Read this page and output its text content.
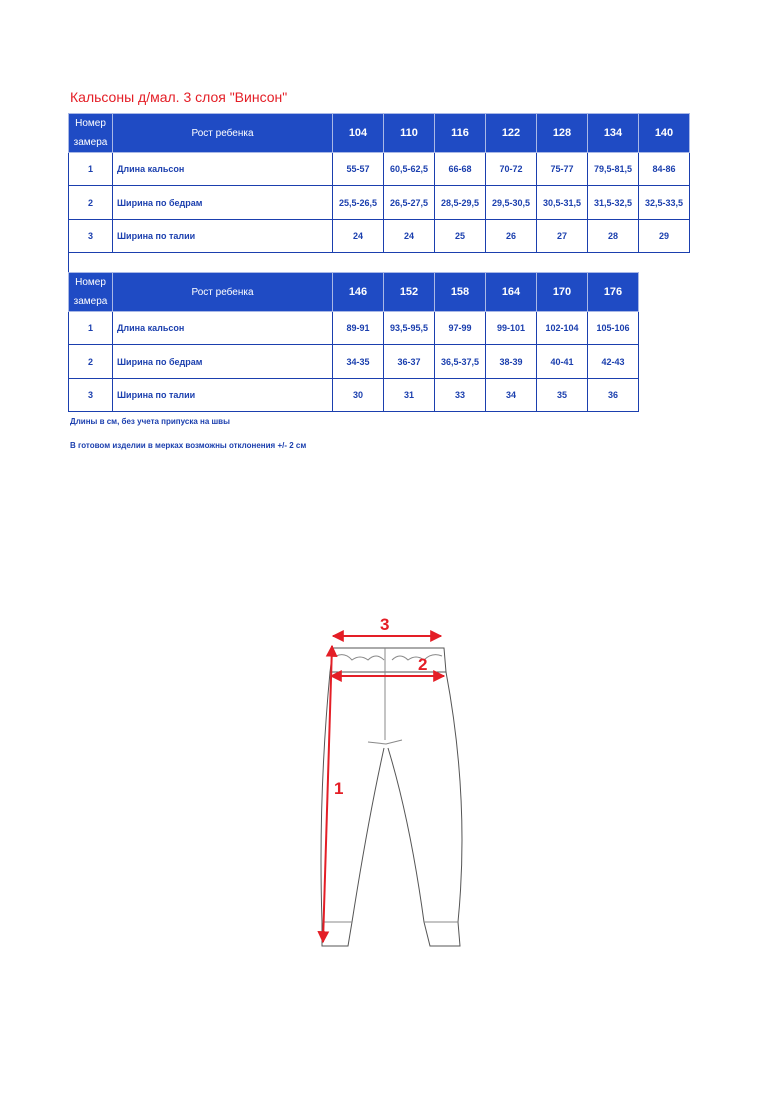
Кальсоны д/мал. 3 слоя "Винсон"
Номер
замера	Рост ребенка	104	110	116	122	128	134	140
1	Длина кальсон	55-57	60,5-62,5	66-68	70-72	75-77	79,5-81,5	84-86
2	Ширина по бедрам	25,5-26,5	26,5-27,5	28,5-29,5	29,5-30,5	30,5-31,5	31,5-32,5	32,5-33,5
3	Ширина по талии	24	24	25	26	27	28	29
Номер
замера	Рост ребенка	146	152	158	164	170	176
1	Длина кальсон	89-91	93,5-95,5	97-99	99-101	102-104	105-106
2	Ширина по бедрам	34-35	36-37	36,5-37,5	38-39	40-41	42-43
3	Ширина по талии	30	31	33	34	35	36
Длины в см, без учета припуска на швы
В готовом изделии в мерках возможны отклонения +/- 2 см
1
2
3
